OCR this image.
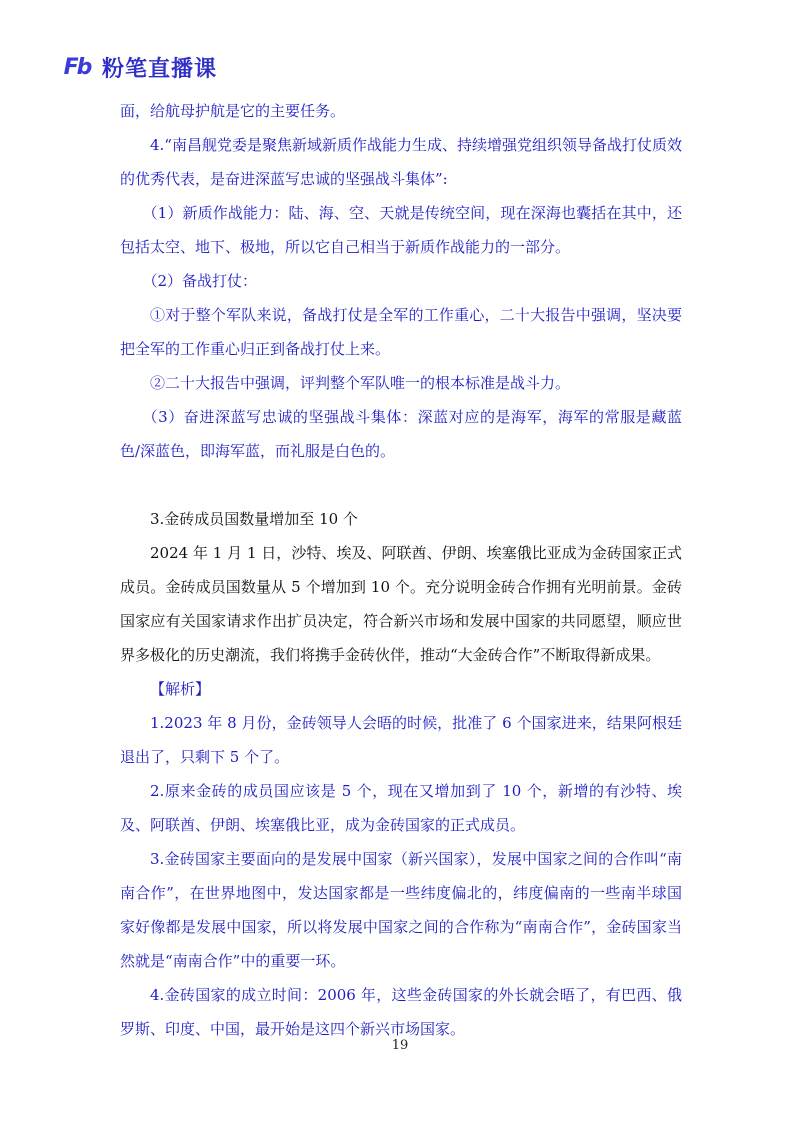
Fb 粉笔直播课

面，给航母护航是它的主要任务。

4.“南昌舰党委是聚焦新域新质作战能力生成、持续增强党组织领导备战打仗质效的优秀代表，是奋进深蓝写忠诚的坚强战斗集体”:

（1）新质作战能力：陆、海、空、天就是传统空间，现在深海也囊括在其中，还包括太空、地下、极地，所以它自己相当于新质作战能力的一部分。

（2）备战打仗：

①对于整个军队来说，备战打仗是全军的工作重心，二十大报告中强调，坚决要把全军的工作重心归正到备战打仗上来。

②二十大报告中强调，评判整个军队唯一的根本标准是战斗力。

（3）奋进深蓝写忠诚的坚强战斗集体：深蓝对应的是海军，海军的常服是藏蓝色/深蓝色，即海军蓝，而礼服是白色的。

3.金砖成员国数量增加至 10 个

2024 年 1 月 1 日，沙特、埃及、阿联酋、伊朗、埃塞俄比亚成为金砖国家正式成员。金砖成员国数量从 5 个增加到 10 个。充分说明金砖合作拥有光明前景。金砖国家应有关国家请求作出扩员决定，符合新兴市场和发展中国家的共同愿望，顺应世界多极化的历史潮流，我们将携手金砖伙伴，推动“大金砖合作”不断取得新成果。

【解析】

1.2023 年 8 月份，金砖领导人会晤的时候，批准了 6 个国家进来，结果阿根廷退出了，只剩下 5 个了。

2.原来金砖的成员国应该是 5 个，现在又增加到了 10 个，新增的有沙特、埃及、阿联酋、伊朗、埃塞俄比亚，成为金砖国家的正式成员。

3.金砖国家主要面向的是发展中国家（新兴国家），发展中国家之间的合作叫“南南合作”，在世界地图中，发达国家都是一些纬度偏北的，纬度偏南的一些南半球国家好像都是发展中国家，所以将发展中国家之间的合作称为“南南合作”，金砖国家当然就是“南南合作”中的重要一环。

4.金砖国家的成立时间：2006 年，这些金砖国家的外长就会晤了，有巴西、俄罗斯、印度、中国，最开始是这四个新兴市场国家。

19
